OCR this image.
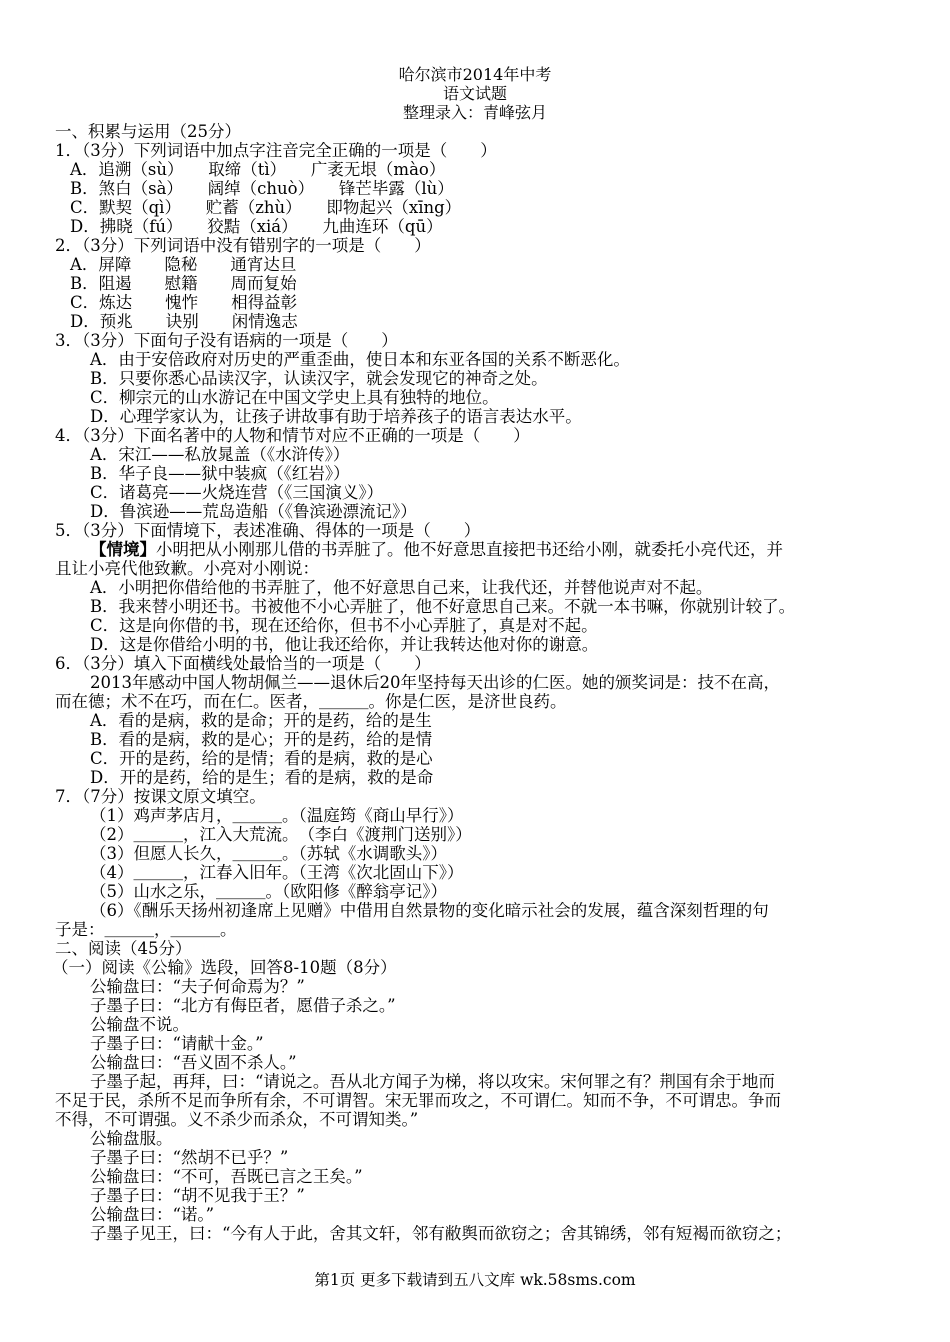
哈尔滨市2014年中考
语文试题
整理录入：青峰弦月
一、积累与运用（25分）
1．（3分）下列词语中加点字注音完全正确的一项是（　　）
A．追溯（sù）　　取缔（tì）　　广袤无垠（mào）
B．煞白（sà）　　阔绰（chuò）　　锋芒毕露（lù）
C．默契（qì）　　贮蓄（zhù）　　即物起兴（xīng）
D．拂晓（fú）　　狡黠（xiá）　　九曲连环（qū）
2．（3分）下列词语中没有错别字的一项是（　　）
A．屏障　　隐秘　　通宵达旦
B．阻遏　　慰籍　　周而复始
C．炼达　　愧怍　　相得益彰
D．预兆　　诀别　　闲情逸志
3．（3分）下面句子没有语病的一项是（　　）
A．由于安倍政府对历史的严重歪曲，使日本和东亚各国的关系不断恶化。
B．只要你悉心品读汉字，认读汉字，就会发现它的神奇之处。
C．柳宗元的山水游记在中国文学史上具有独特的地位。
D．心理学家认为，让孩子讲故事有助于培养孩子的语言表达水平。
4．（3分）下面名著中的人物和情节对应不正确的一项是（　　）
A．宋江——私放晁盖（《水浒传》）
B．华子良——狱中装疯（《红岩》）
C．诸葛亮——火烧连营（《三国演义》）
D．鲁滨逊——荒岛造船（《鲁滨逊漂流记》）
5．（3分）下面情境下，表述准确、得体的一项是（　　）
【情境】小明把从小刚那儿借的书弄脏了。他不好意思直接把书还给小刚，就委托小亮代还，并
且让小亮代他致歉。小亮对小刚说：
A．小明把你借给他的书弄脏了，他不好意思自己来，让我代还，并替他说声对不起。
B．我来替小明还书。书被他不小心弄脏了，他不好意思自己来。不就一本书嘛，你就别计较了。
C．这是向你借的书，现在还给你，但书不小心弄脏了，真是对不起。
D．这是你借给小明的书，他让我还给你，并让我转达他对你的谢意。
6．（3分）填入下面横线处最恰当的一项是（　　）
2013年感动中国人物胡佩兰——退休后20年坚持每天出诊的仁医。她的颁奖词是：技不在高，
而在德；术不在巧，而在仁。医者，＿＿＿。你是仁医，是济世良药。
A．看的是病，救的是命；开的是药，给的是生
B．看的是病，救的是心；开的是药，给的是情
C．开的是药，给的是情；看的是病，救的是心
D．开的是药，给的是生；看的是病，救的是命
7．（7分）按课文原文填空。
（1）鸡声茅店月，＿＿＿。（温庭筠《商山早行》）
（2）＿＿＿，江入大荒流。　（李白《渡荆门送别》）
（3）但愿人长久，＿＿＿。（苏轼《水调歌头》）
（4）＿＿＿，江春入旧年。（王湾《次北固山下》）
（5）山水之乐，＿＿＿。（欧阳修《醉翁亭记》）
（6）《酬乐天扬州初逢席上见赠》中借用自然景物的变化暗示社会的发展，蕴含深刻哲理的句
子是：＿＿＿，＿＿＿。
二、阅读（45分）
（一）阅读《公输》选段，回答8-10题（8分）
公输盘曰：“夫子何命焉为？”
子墨子曰：“北方有侮臣者，愿借子杀之。”
公输盘不说。
子墨子曰：“请献十金。”
公输盘曰：“吾义固不杀人。”
子墨子起，再拜，曰：“请说之。吾从北方闻子为梯，将以攻宋。宋何罪之有？荆国有余于地而
不足于民，杀所不足而争所有余，不可谓智。宋无罪而攻之，不可谓仁。知而不争，不可谓忠。争而
不得，不可谓强。义不杀少而杀众，不可谓知类。”
公输盘服。
子墨子曰：“然胡不已乎？”
公输盘曰：“不可，吾既已言之王矣。”
子墨子曰：“胡不见我于王？”
公输盘曰：“诺。”
子墨子见王，曰：“今有人于此，舍其文轩，邻有敝舆而欲窃之；舍其锦绣，邻有短褐而欲窃之；
第1页 更多下载请到五八文库 wk.58sms.com
